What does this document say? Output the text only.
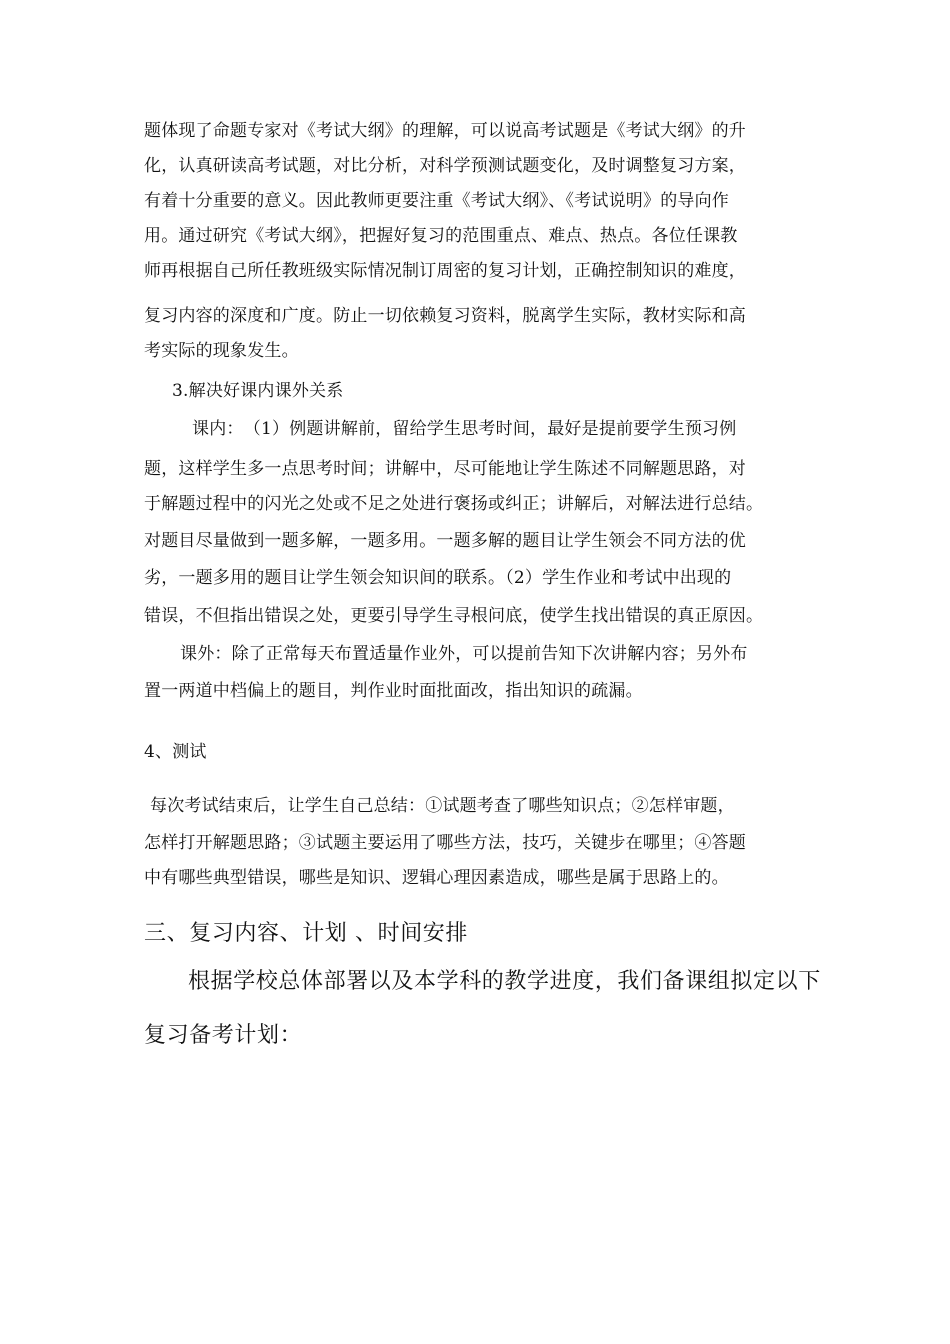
题体现了命题专家对《考试大纲》的理解，可以说高考试题是《考试大纲》的升
化，认真研读高考试题，对比分析，对科学预测试题变化，及时调整复习方案，
有着十分重要的意义。因此教师更要注重《考试大纲》、《考试说明》的导向作
用。通过研究《考试大纲》，把握好复习的范围重点、难点、热点。各位任课教
师再根据自己所任教班级实际情况制订周密的复习计划，正确控制知识的难度，
复习内容的深度和广度。防止一切依赖复习资料，脱离学生实际，教材实际和高
考实际的现象发生。
3.解决好课内课外关系
课内：　（1）例题讲解前，留给学生思考时间，最好是提前要学生预习例
题，这样学生多一点思考时间；讲解中，尽可能地让学生陈述不同解题思路，对
于解题过程中的闪光之处或不足之处进行褒扬或纠正；讲解后，对解法进行总结。
对题目尽量做到一题多解，一题多用。一题多解的题目让学生领会不同方法的优
劣，一题多用的题目让学生领会知识间的联系。（2）学生作业和考试中出现的
错误，不但指出错误之处，更要引导学生寻根问底，使学生找出错误的真正原因。
课外：除了正常每天布置适量作业外，可以提前告知下次讲解内容；另外布
置一两道中档偏上的题目，判作业时面批面改，指出知识的疏漏。
4、测试
每次考试结束后，让学生自己总结：①试题考查了哪些知识点；②怎样审题，
怎样打开解题思路；③试题主要运用了哪些方法，技巧，关键步在哪里；④答题
中有哪些典型错误，哪些是知识、逻辑心理因素造成，哪些是属于思路上的。
三、复习内容、计划 、时间安排
根据学校总体部署以及本学科的教学进度，我们备课组拟定以下
复习备考计划：
